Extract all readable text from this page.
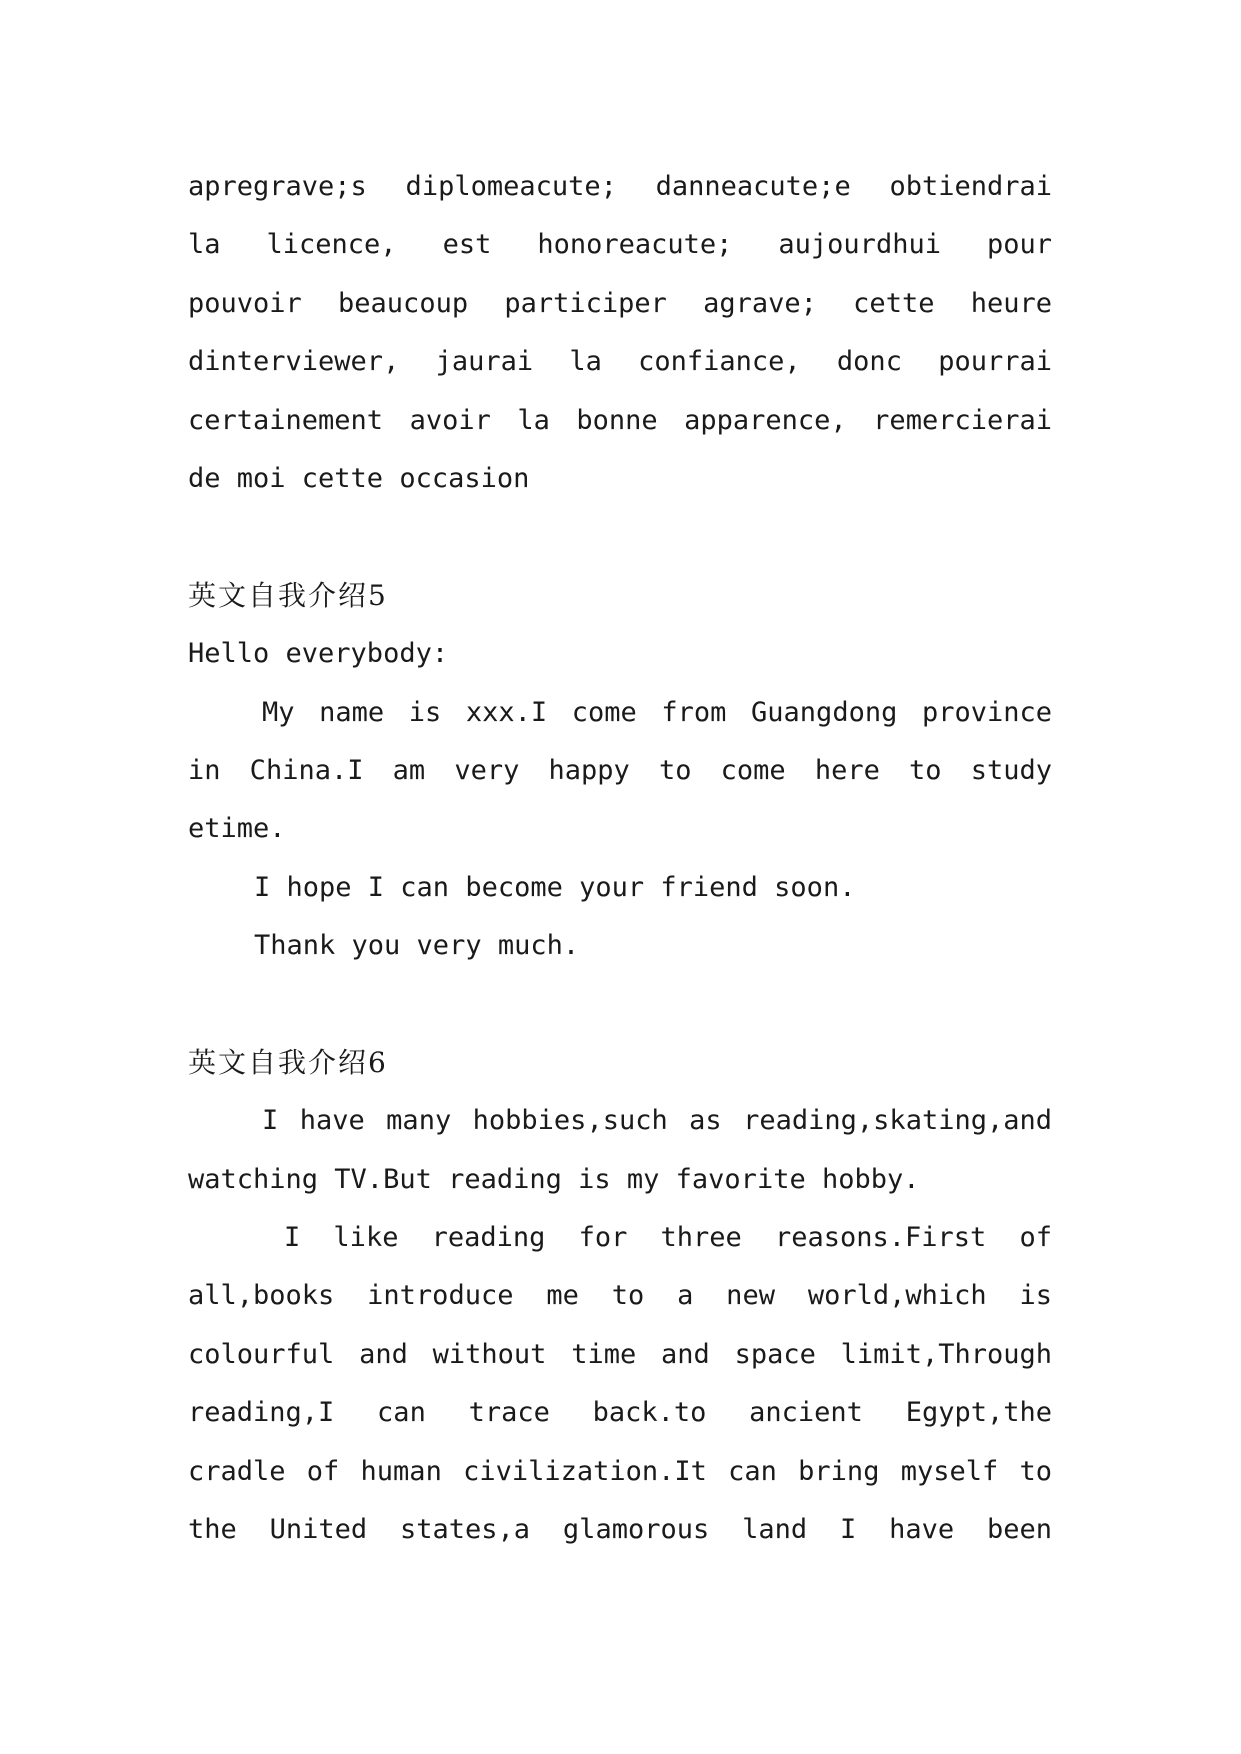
apregrave;s diplomeacute; danneacute;e obtiendrai
la licence, est honoreacute; aujourdhui pour
pouvoir beaucoup participer agrave; cette heure
dinterviewer, jaurai la confiance, donc pourrai
certainement avoir la bonne apparence, remercierai
de moi cette occasion
英文自我介绍5
Hello everybody:
My name is xxx.I come from Guangdong province
in China.I am very happy to come here to study
etime.
I hope I can become your friend soon.
Thank you very much.
英文自我介绍6
I have many hobbies,such as reading,skating,and
watching TV.But reading is my favorite hobby.
I like reading for three reasons.First of
all,books introduce me to a new world,which is
colourful and without time and space limit,Through
reading,I can trace back.to ancient Egypt,the
cradle of human civilization.It can bring myself to
the United states,a glamorous land I have been
